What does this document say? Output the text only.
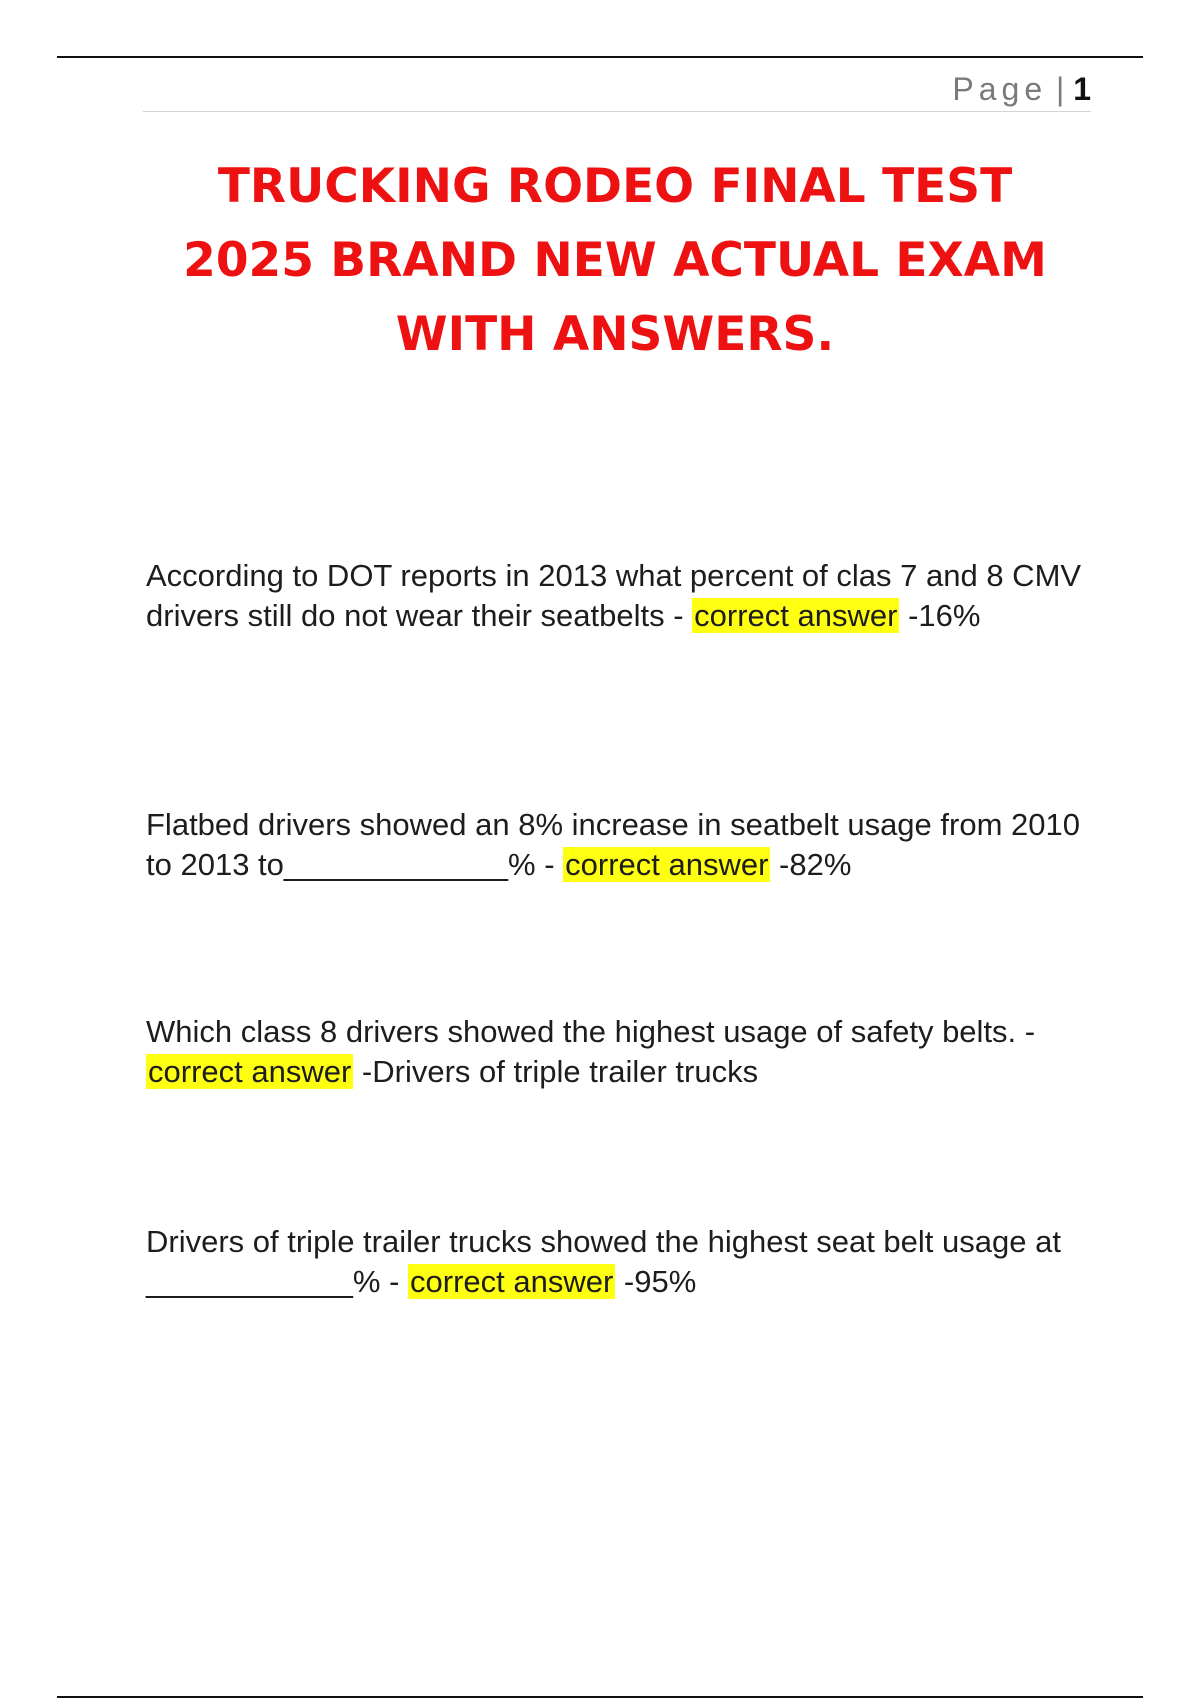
Page | 1
TRUCKING RODEO FINAL TEST
2025 BRAND NEW ACTUAL EXAM
WITH ANSWERS.

According to DOT reports in 2013 what percent of clas 7 and 8 CMV drivers still do not wear their seatbelts - correct answer -16%

Flatbed drivers showed an 8% increase in seatbelt usage from 2010 to 2013 to_____________% - correct answer -82%

Which class 8 drivers showed the highest usage of safety belts. - correct answer -Drivers of triple trailer trucks

Drivers of triple trailer trucks showed the highest seat belt usage at ____________% - correct answer -95%
